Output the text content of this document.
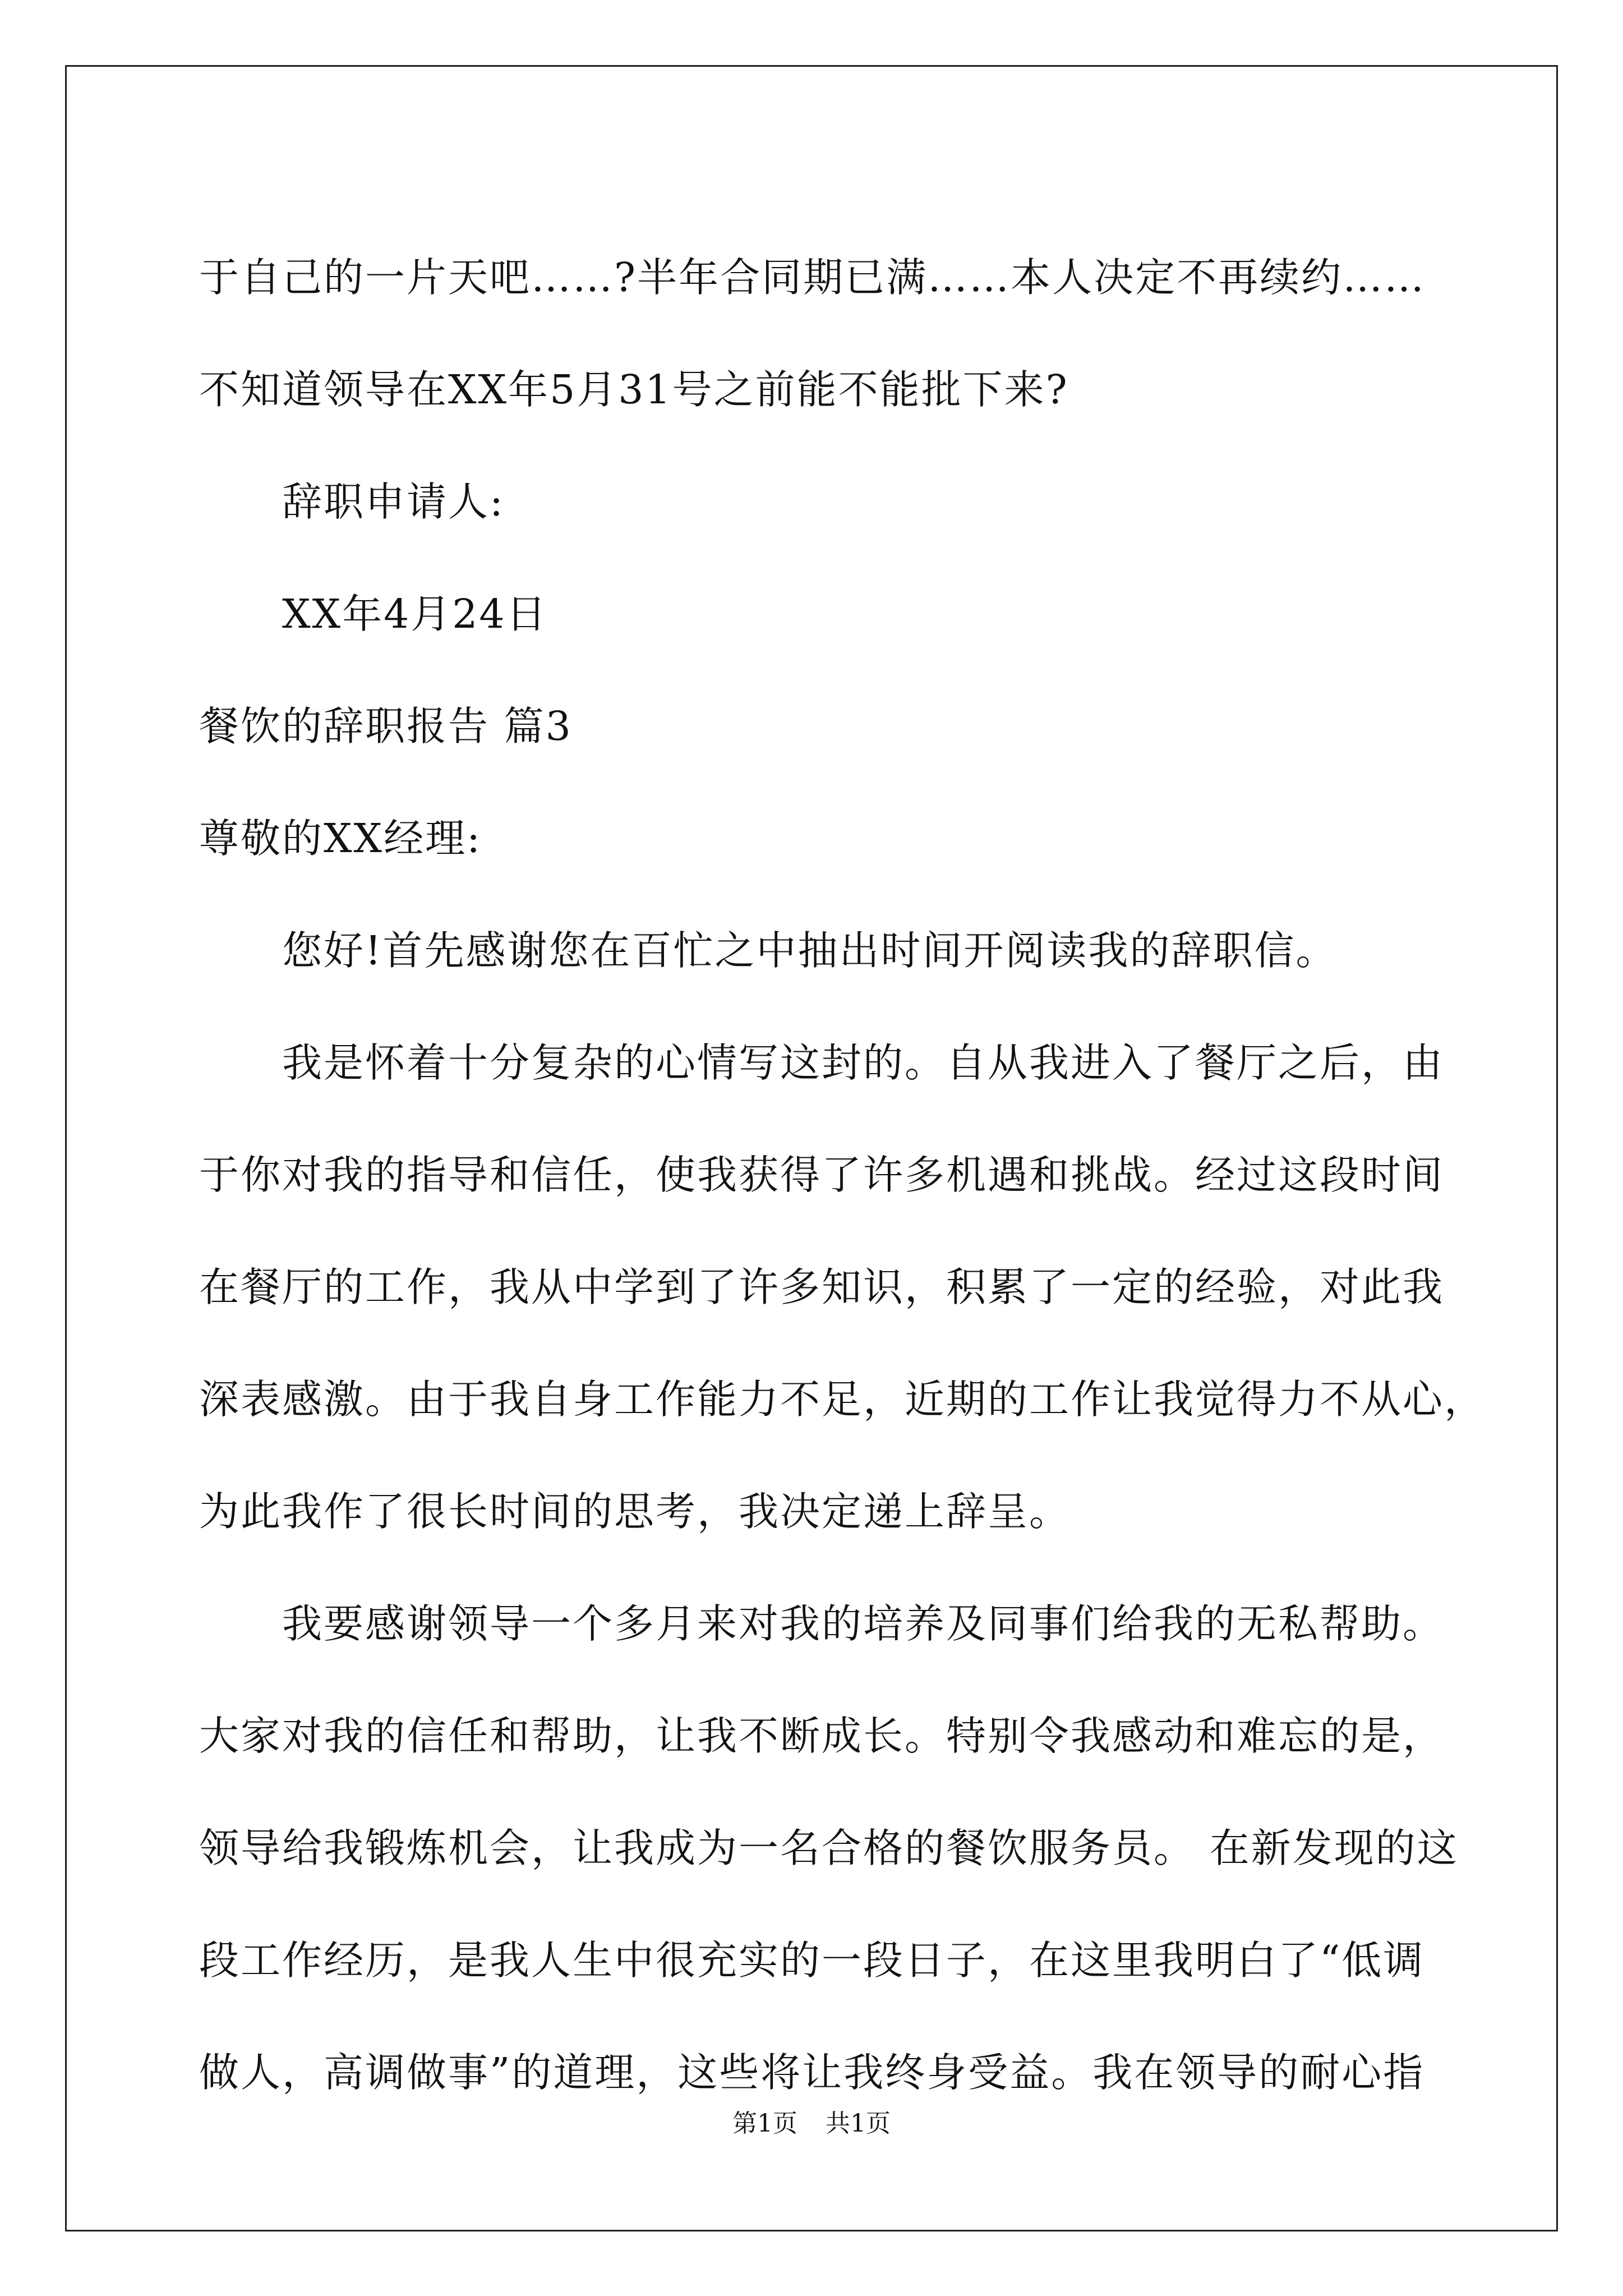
于自己的一片天吧……?半年合同期已满……本人决定不再续约……
不知道领导在XX年5月31号之前能不能批下来?
辞职申请人:
XX年4月24日
餐饮的辞职报告 篇3
尊敬的XX经理:
您好!首先感谢您在百忙之中抽出时间开阅读我的辞职信。
我是怀着十分复杂的心情写这封的。自从我进入了餐厅之后，由
于你对我的指导和信任，使我获得了许多机遇和挑战。经过这段时间
在餐厅的工作，我从中学到了许多知识，积累了一定的经验，对此我
深表感激。由于我自身工作能力不足，近期的工作让我觉得力不从心，
为此我作了很长时间的思考，我决定递上辞呈。
我要感谢领导一个多月来对我的培养及同事们给我的无私帮助。
大家对我的信任和帮助，让我不断成长。特别令我感动和难忘的是，
领导给我锻炼机会，让我成为一名合格的餐饮服务员。 在新发现的这
段工作经历，是我人生中很充实的一段日子，在这里我明白了“低调
做人，高调做事”的道理，这些将让我终身受益。我在领导的耐心指
第1页 共1页
